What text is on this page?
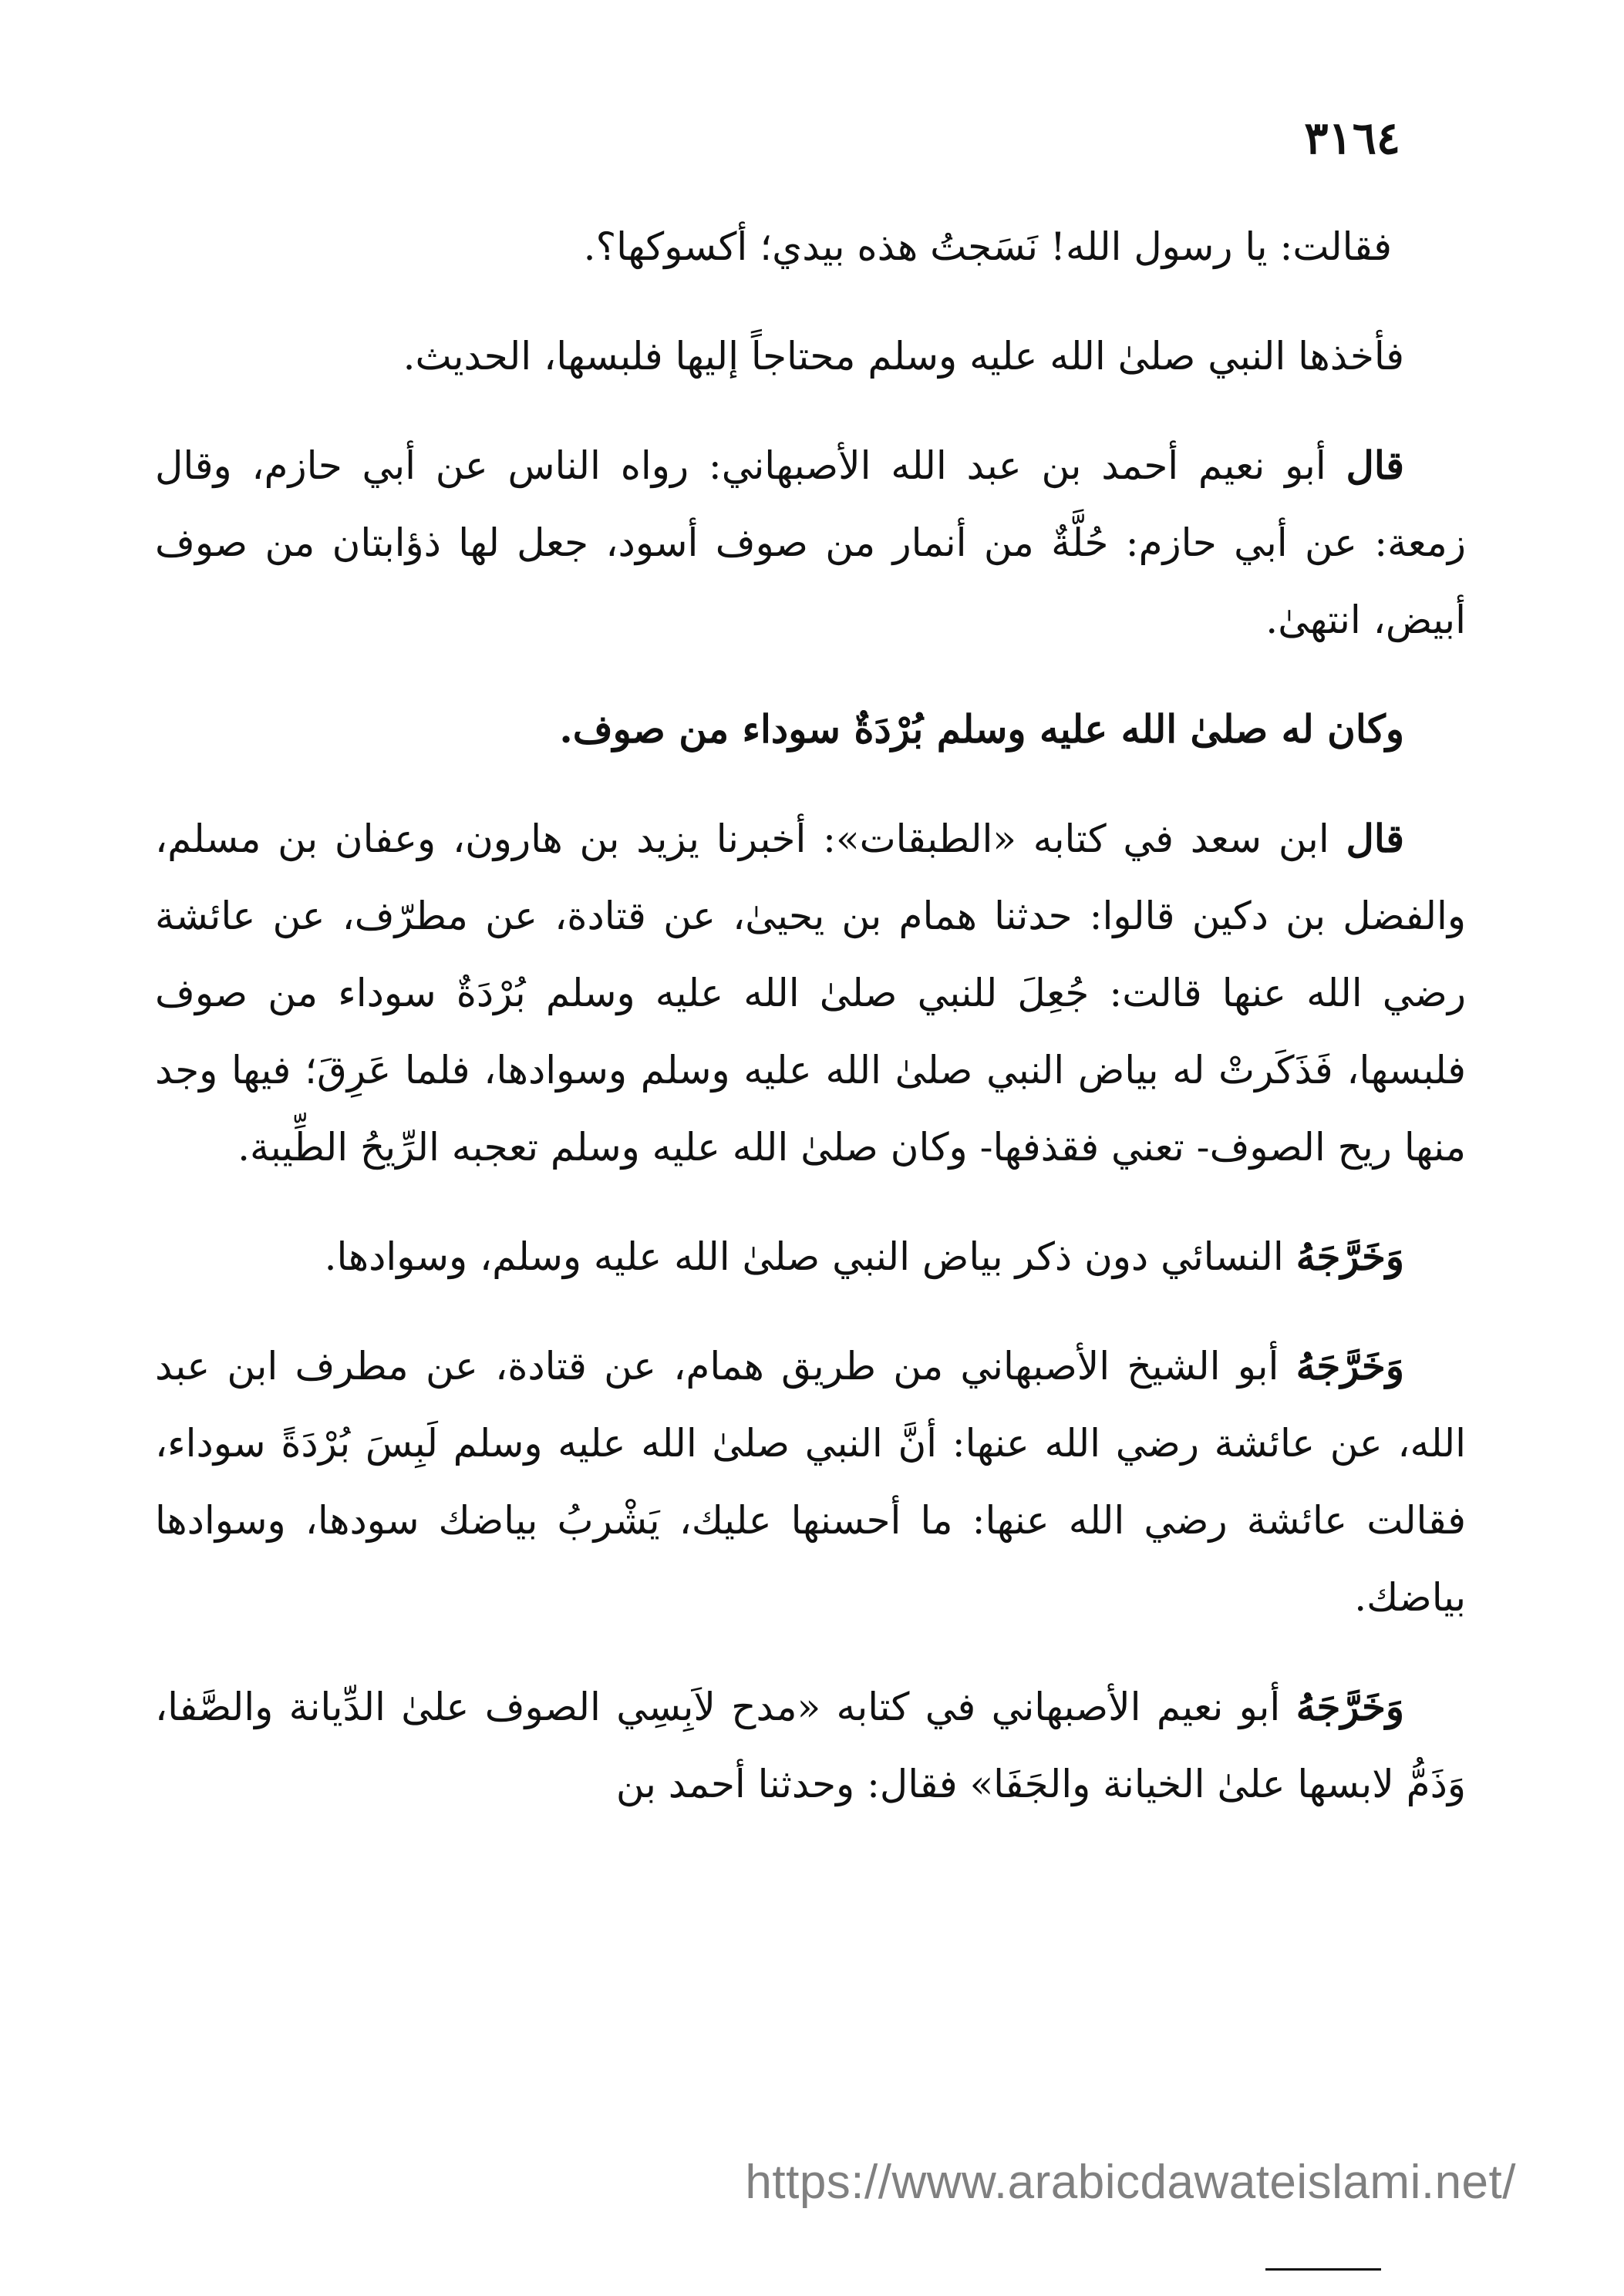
٣١٦٤

فقالت: يا رسول الله! نَسَجتُ هذه بيدي؛ أكسوكها؟.

فأخذها النبي صلىٰ الله عليه وسلم محتاجاً إليها فلبسها، الحديث.

قال أبو نعيم أحمد بن عبد الله الأصبهاني: رواه الناس عن أبي حازم، وقال زمعة: عن أبي حازم: حُلَّةٌ من أنمار من صوف أسود، جعل لها ذؤابتان من صوف أبيض، انتهىٰ.

وكان له صلىٰ الله عليه وسلم بُرْدَةٌ سوداء من صوف.

قال ابن سعد في كتابه «الطبقات»: أخبرنا يزيد بن هارون، وعفان بن مسلم، والفضل بن دكين قالوا: حدثنا همام بن يحيىٰ، عن قتادة، عن مطرّف، عن عائشة رضي الله عنها قالت: جُعِلَ للنبي صلىٰ الله عليه وسلم بُرْدَةٌ سوداء من صوف فلبسها، فَذَكَرتْ له بياض النبي صلىٰ الله عليه وسلم وسوادها، فلما عَرِقَ؛ فيها وجد منها ريح الصوف- تعني فقذفها- وكان صلىٰ الله عليه وسلم تعجبه الرِّيحُ الطِّيبة.

وَخَرَّجَهُ النسائي دون ذكر بياض النبي صلىٰ الله عليه وسلم، وسوادها.

وَخَرَّجَهُ أبو الشيخ الأصبهاني من طريق همام، عن قتادة، عن مطرف ابن عبد الله، عن عائشة رضي الله عنها: أنَّ النبي صلىٰ الله عليه وسلم لَبِسَ بُرْدَةً سوداء، فقالت عائشة رضي الله عنها: ما أحسنها عليك، يَشْربُ بياضك سودها، وسوادها بياضك.

وَخَرَّجَهُ أبو نعيم الأصبهاني في كتابه «مدح لاَبِسِي الصوف علىٰ الدِّيانة والصَّفا، وَذَمُّ لابسها علىٰ الخيانة والجَفَا» فقال: وحدثنا أحمد بن

https://www.arabicdawateislami.net/
